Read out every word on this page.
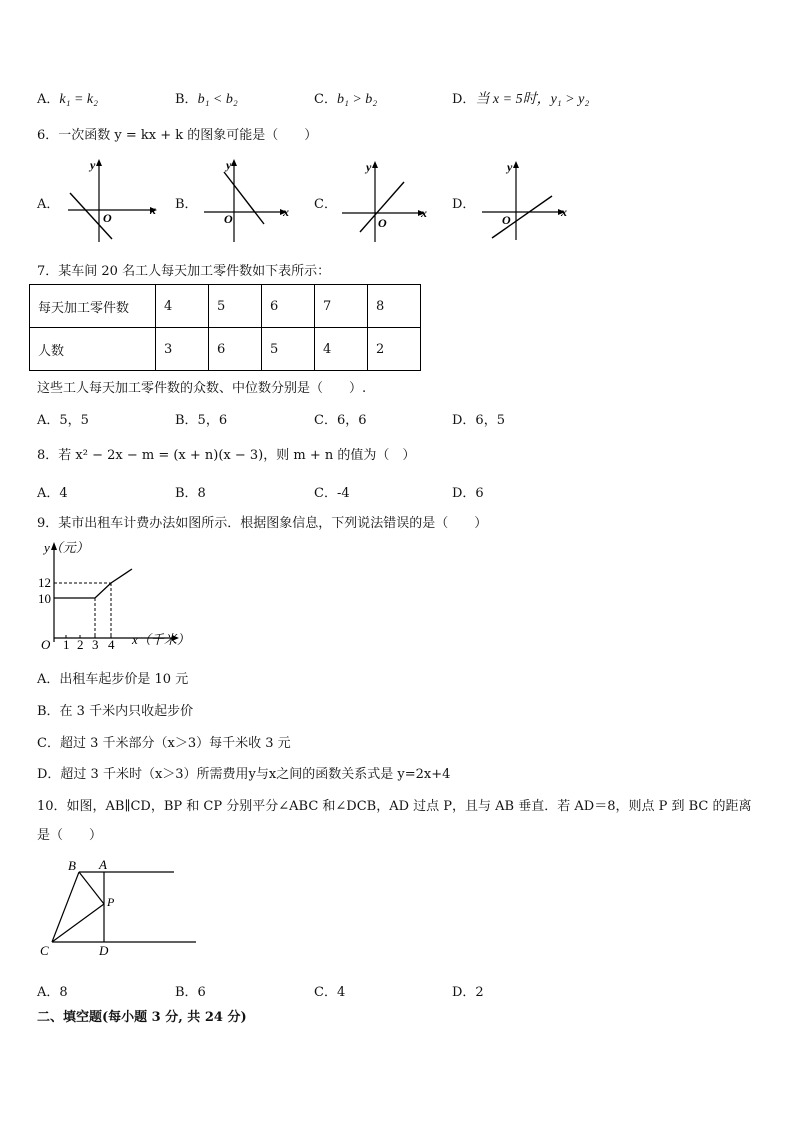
A．k₁ = k₂	B．b₁ < b₂	C．b₁ > b₂	D．当 x = 5时，y₁ > y₂
6．一次函数 y = kx + k 的图象可能是（　　）
A．	B．	C．	D．
y
x
O
y
x
O
y
x
O
y
x
O
7．某车间 20 名工人每天加工零件数如下表所示：
每天加工零件数	4	5	6	7	8
人数	3	6	5	4	2
这些工人每天加工零件数的众数、中位数分别是（　　）.
A．5，5	B．5，6	C．6，6	D．6，5
8．若 x² − 2x − m = (x + n)(x − 3)，则 m + n 的值为（　）
A．4	B．8	C．-4	D．6
9．某市出租车计费办法如图所示．根据图象信息，下列说法错误的是（　　）
y（元）
12
10
O 1 2 3 4 x（千米）
A．出租车起步价是 10 元
B．在 3 千米内只收起步价
C．超过 3 千米部分（x＞3）每千米收 3 元
D．超过 3 千米时（x＞3）所需费用y与x之间的函数关系式是 y=2x+4
10．如图，AB∥CD，BP 和 CP 分别平分∠ABC 和∠DCB，AD 过点 P，且与 AB 垂直．若 AD＝8，则点 P 到 BC 的距离
是（　　）
B A
P
C	D
A．8	B．6	C．4	D．2
二、填空题(每小题 3 分, 共 24 分)
